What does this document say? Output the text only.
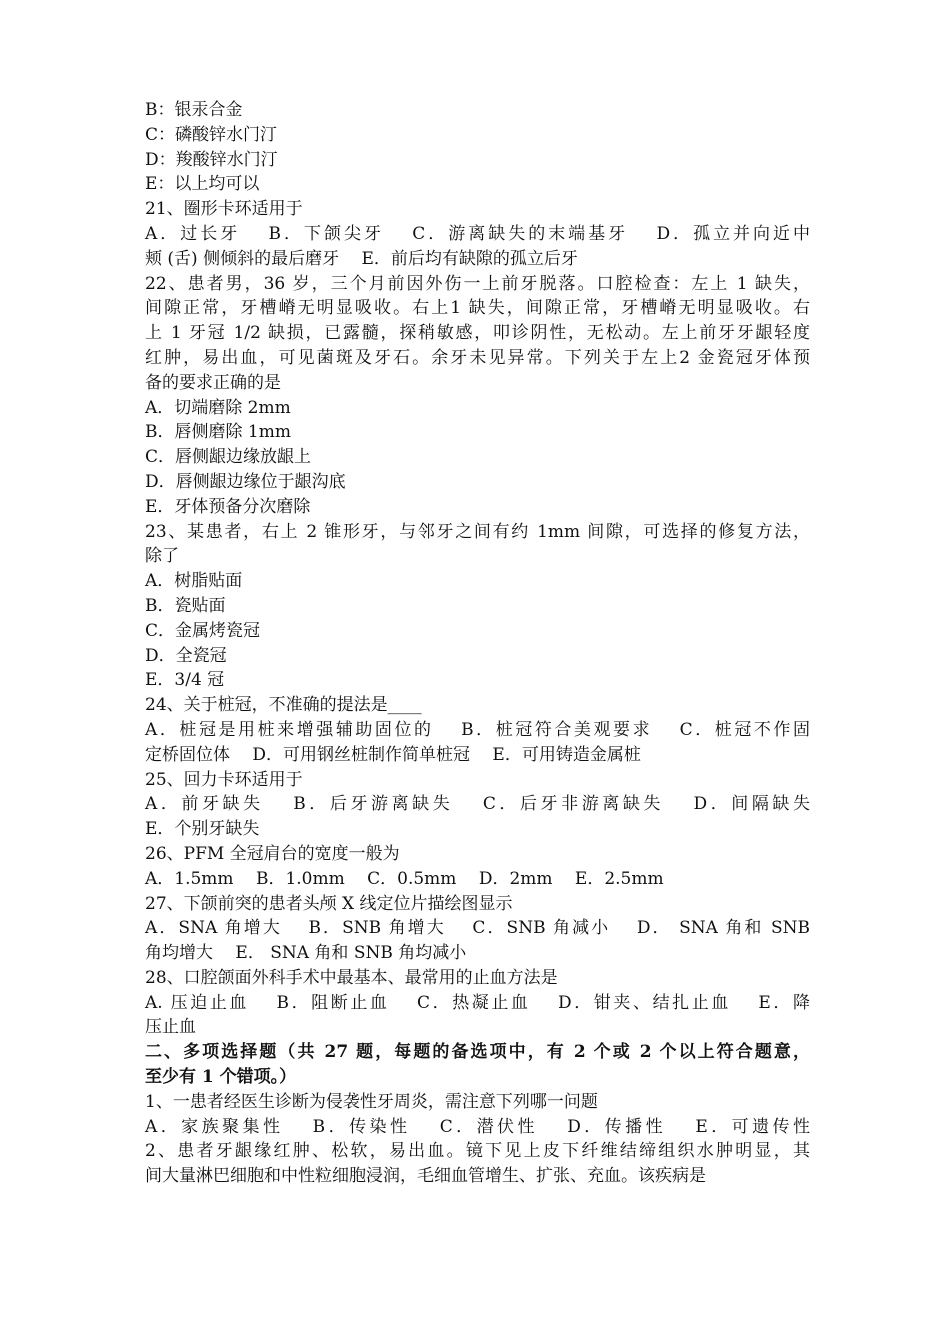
B：银汞合金
C：磷酸锌水门汀
D：羧酸锌水门汀
E：以上均可以
21、圈形卡环适用于
A．过长牙　 B．下颌尖牙　 C．游离缺失的末端基牙　 D．孤立并向近中
颊 (舌) 侧倾斜的最后磨牙　 E．前后均有缺隙的孤立后牙
22、患者男，36 岁，三个月前因外伤一上前牙脱落。口腔检查：左上 1 缺失，
间隙正常，牙槽嵴无明显吸收。右上1 缺失，间隙正常，牙槽嵴无明显吸收。右
上 1 牙冠 1/2 缺损，已露髓，探稍敏感，叩诊阴性，无松动。左上前牙牙龈轻度
红肿，易出血，可见菌斑及牙石。余牙未见异常。下列关于左上2 金瓷冠牙体预
备的要求正确的是
A．切端磨除 2mm
B．唇侧磨除 1mm
C．唇侧龈边缘放龈上
D．唇侧龈边缘位于龈沟底
E．牙体预备分次磨除
23、某患者，右上 2 锥形牙，与邻牙之间有约 1mm 间隙，可选择的修复方法，
除了
A．树脂贴面
B．瓷贴面
C．金属烤瓷冠
D．全瓷冠
E．3/4 冠
24、关于桩冠，不准确的提法是____
A．桩冠是用桩来增强辅助固位的　 B．桩冠符合美观要求　 C．桩冠不作固
定桥固位体　 D．可用钢丝桩制作简单桩冠　 E．可用铸造金属桩
25、回力卡环适用于
A．前牙缺失　 B．后牙游离缺失　 C．后牙非游离缺失　 D．间隔缺失
E．个别牙缺失
26、PFM 全冠肩台的宽度一般为
A．1.5mm　 B．1.0mm　 C．0.5mm　 D．2mm　 E．2.5mm
27、下颌前突的患者头颅 X 线定位片描绘图显示
A．SNA 角增大　 B．SNB 角增大　 C．SNB 角减小　 D． SNA 角和 SNB
角均增大　 E． SNA 角和 SNB 角均减小
28、口腔颌面外科手术中最基本、最常用的止血方法是
A. 压迫止血　 B．阻断止血　 C．热凝止血　 D．钳夹、结扎止血　 E．降
压止血
二、多项选择题（共 27 题，每题的备选项中，有 2 个或 2 个以上符合题意，
至少有 1 个错项。）
1、一患者经医生诊断为侵袭性牙周炎，需注意下列哪一问题
A．家族聚集性　 B．传染性　 C．潜伏性　 D．传播性　 E．可遗传性
2、患者牙龈缘红肿、松软，易出血。镜下见上皮下纤维结缔组织水肿明显，其
间大量淋巴细胞和中性粒细胞浸润，毛细血管增生、扩张、充血。该疾病是
